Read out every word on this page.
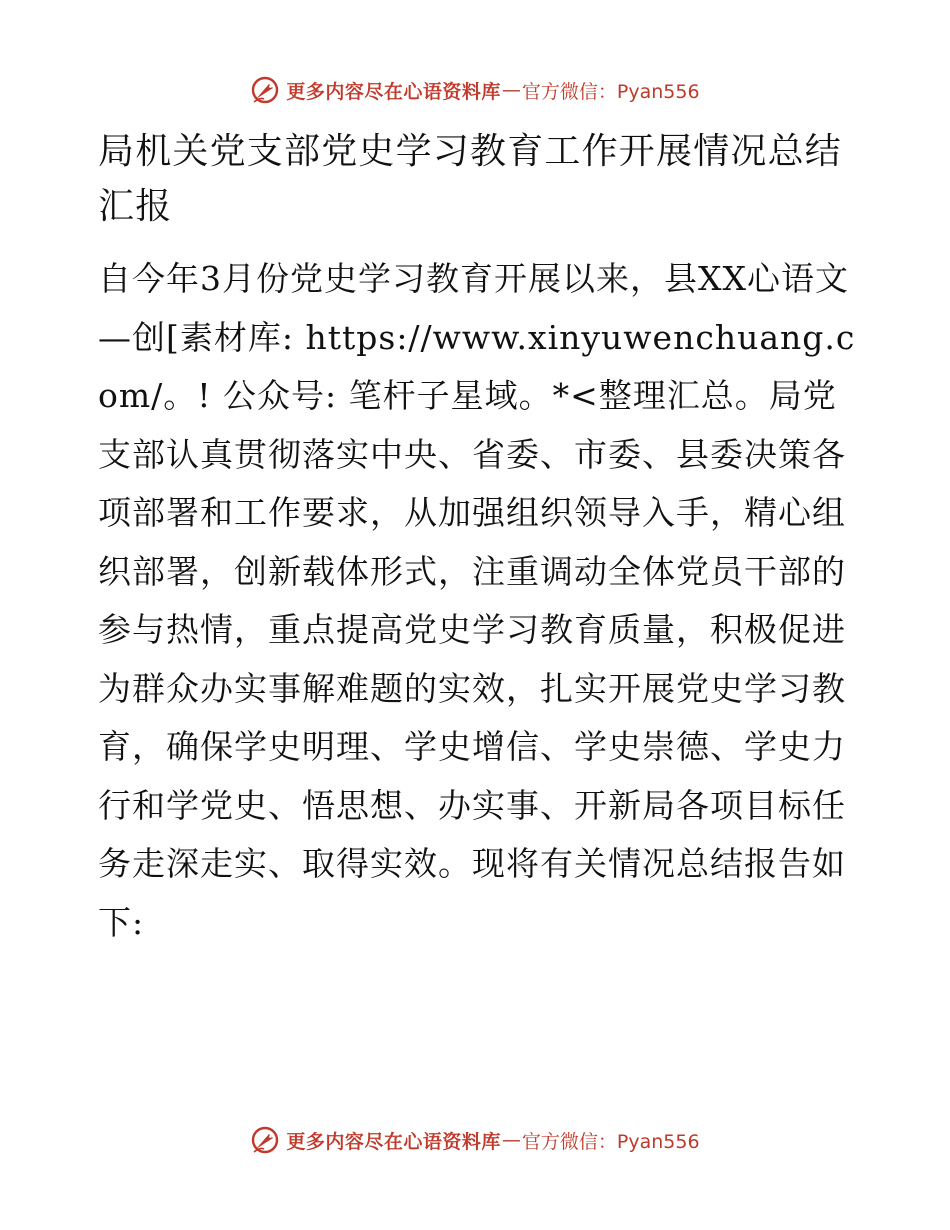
更多内容尽在心语资料库 — 官方微信：Pyan556
局机关党支部党史学习教育工作开展情况总结汇报

自今年3月份党史学习教育开展以来，县XX心语文—创[素材库: https://www.xinyuwenchuang.com/。! 公众号: 笔杆子星域。*<整理汇总。局党支部认真贯彻落实中央、省委、市委、县委决策各项部署和工作要求，从加强组织领导入手，精心组织部署，创新载体形式，注重调动全体党员干部的参与热情，重点提高党史学习教育质量，积极促进为群众办实事解难题的实效，扎实开展党史学习教育，确保学史明理、学史增信、学史崇德、学史力行和学党史、悟思想、办实事、开新局各项目标任务走深走实、取得实效。现将有关情况总结报告如下:

更多内容尽在心语资料库 — 官方微信：Pyan556
